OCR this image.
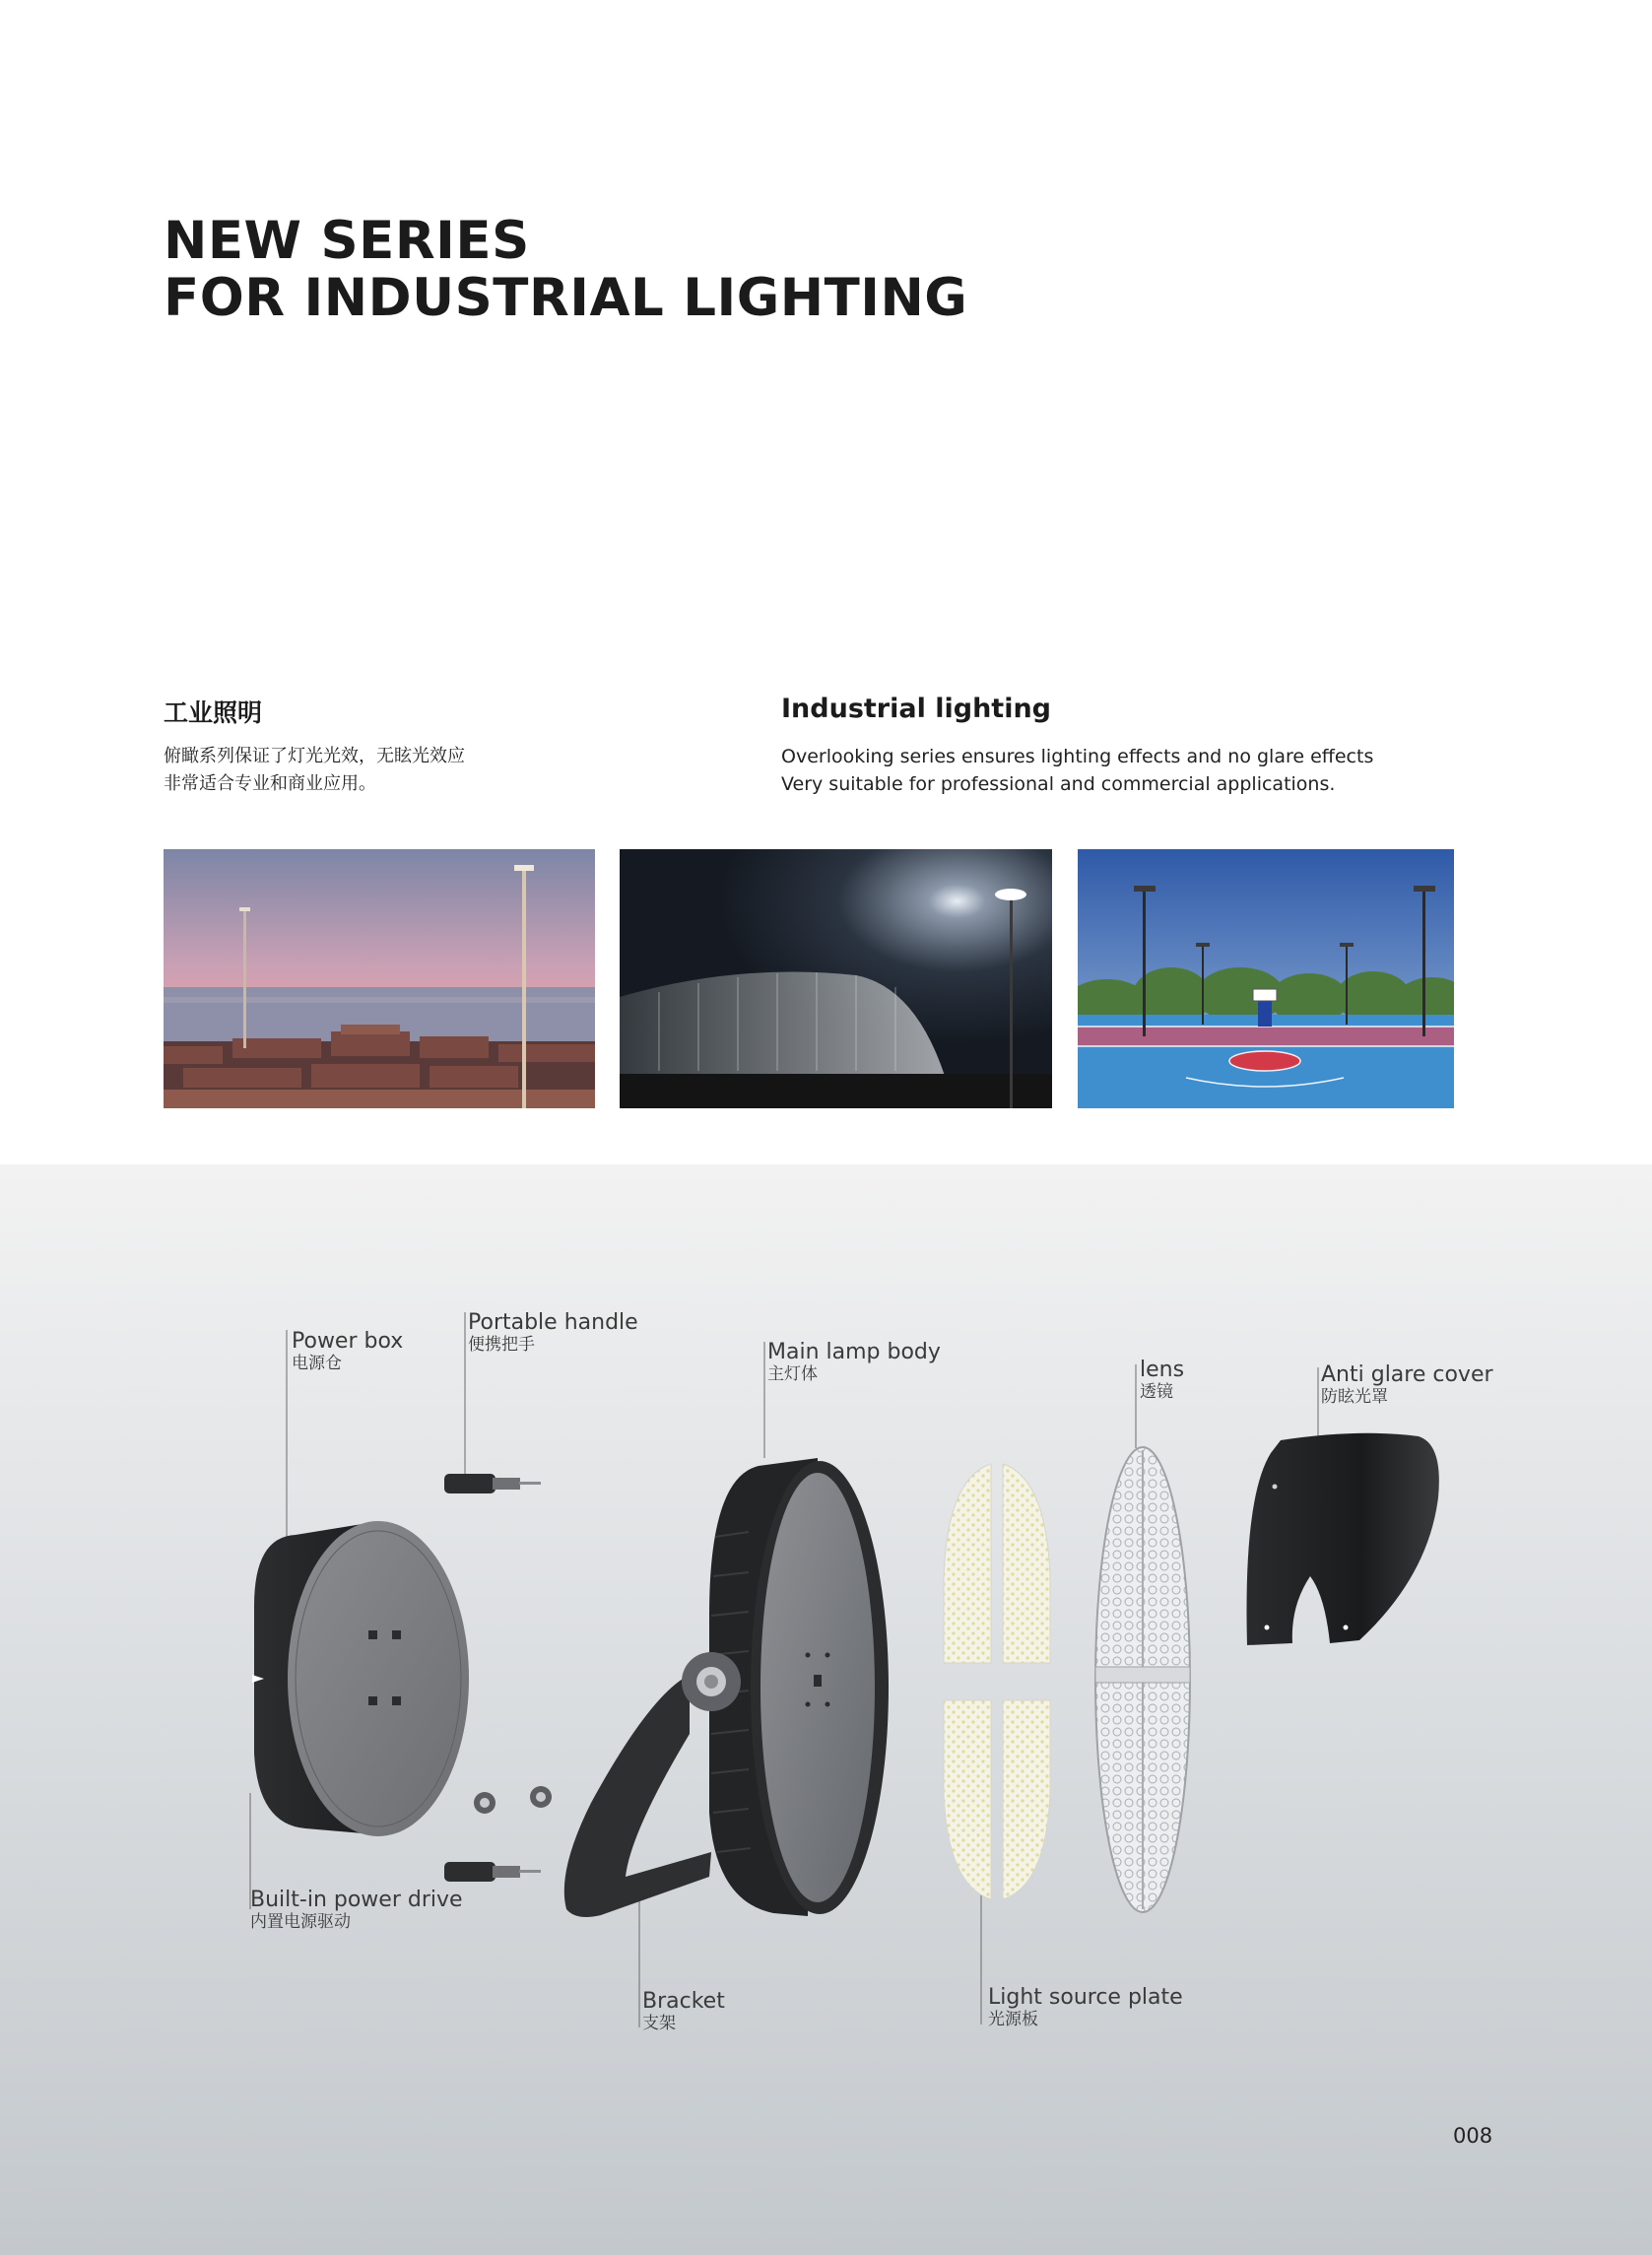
NEW SERIES
FOR INDUSTRIAL LIGHTING
工业照明
俯瞰系列保证了灯光光效，无眩光效应
非常适合专业和商业应用。
Industrial lighting
Overlooking series ensures lighting effects and no glare effects
Very suitable for professional and commercial applications.
Power box
电源仓
Portable handle
便携把手	Main lamp body
主灯体	lens
透镜
Anti glare cover
防眩光罩
Built-in power drive
内置电源驱动
Bracket
支架
Light source plate
光源板
008
